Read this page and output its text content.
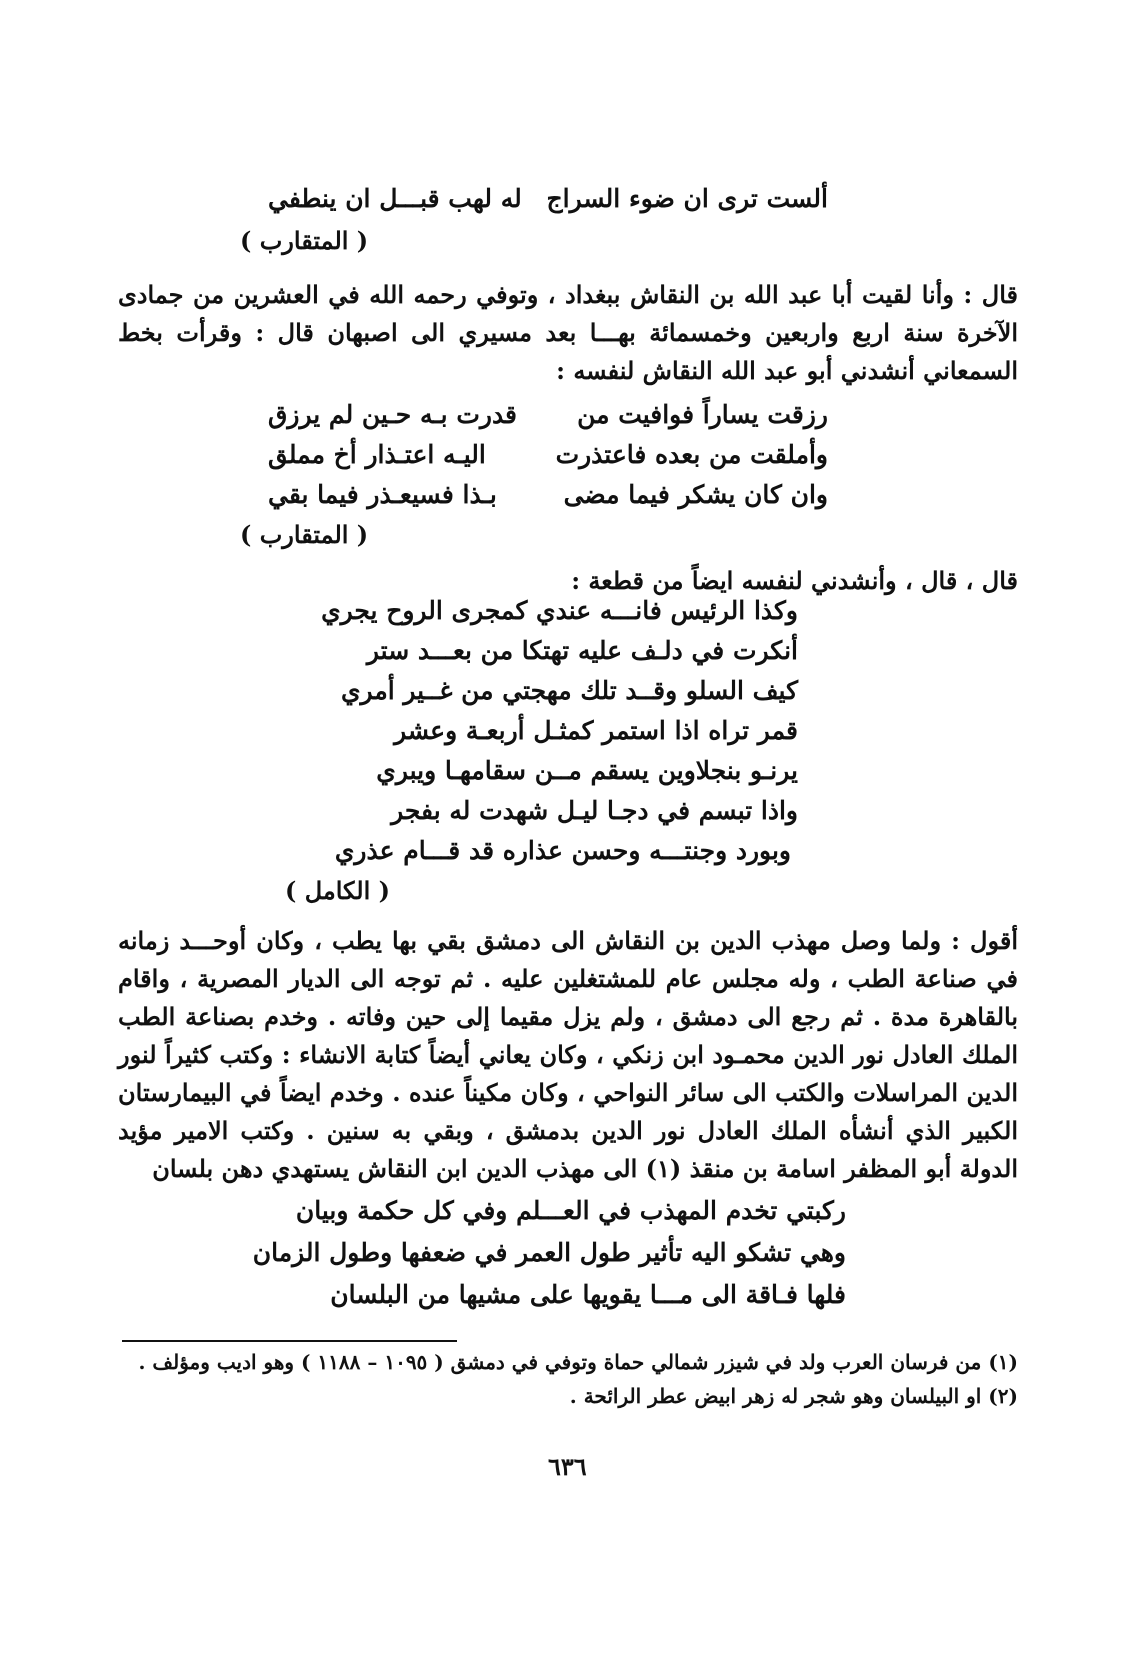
ألست ترى ان ضوء السراج
له لهب قبـــل ان ينطفي
( المتقارب )
قال : وأنا لقيت أبا عبد الله بن النقاش ببغداد ، وتوفي رحمه الله في العشرين من جمادى الآخرة سنة اربع واربعين وخمسمائة بهـــا بعد مسيري الى اصبهان قال : وقرأت بخط السمعاني أنشدني أبو عبد الله النقاش لنفسه :
رزقت يساراً فوافيت من
قدرت بـه حـين لم يرزق
وأملقت من بعده فاعتذرت
اليـه اعتـذار أخ مملق
وان كان يشكر فيما مضى
بـذا فسيعـذر فيما بقي
( المتقارب )
قال ، قال ، وأنشدني لنفسه ايضاً من قطعة :
وكذا الرئيس فانـــه عندي كمجرى الروح يجري
أنكرت في دلـف عليه تهتكا من بعـــد ستر
كيف السلو وقــد تلك مهجتي من غــير أمري
قمر تراه اذا استمر كمثـل أربعـة وعشر
يرنـو بنجلاوين يسقم مــن سقامهـا ويبري
واذا تبسم في دجـا ليـل شهدت له بفجر
وبورد وجنتـــه وحسن عذاره قد قـــام عذري
( الكامل )
أقول : ولما وصل مهذب الدين بن النقاش الى دمشق بقي بها يطب ، وكان أوحـــد زمانه في صناعة الطب ، وله مجلس عام للمشتغلين عليه . ثم توجه الى الديار المصرية ، واقام بالقاهرة مدة . ثم رجع الى دمشق ، ولم يزل مقيما إلى حين وفاته . وخدم بصناعة الطب الملك العادل نور الدين محمـود ابن زنكي ، وكان يعاني أيضاً كتابة الانشاء : وكتب كثيراً لنور الدين المراسلات والكتب الى سائر النواحي ، وكان مكيناً عنده . وخدم ايضاً في البيمارستان الكبير الذي أنشأه الملك العادل نور الدين بدمشق ، وبقي به سنين . وكتب الامير مؤيد الدولة أبو المظفر اسامة بن منقذ (١) الى مهذب الدين ابن النقاش يستهدي دهن بلسان
ركبتي تخدم المهذب في العـــلم وفي كل حكمة وبيان
وهي تشكو اليه تأثير طول العمر في ضعفها وطول الزمان
فلها فـاقة الى مـــا يقويها على مشيها من البلسان
(١) من فرسان العرب ولد في شيزر شمالي حماة وتوفي في دمشق ( ١٠٩٥ – ١١٨٨ ) وهو اديب ومؤلف .
(٢) او البيلسان وهو شجر له زهر ابيض عطر الرائحة .
٦٣٦
